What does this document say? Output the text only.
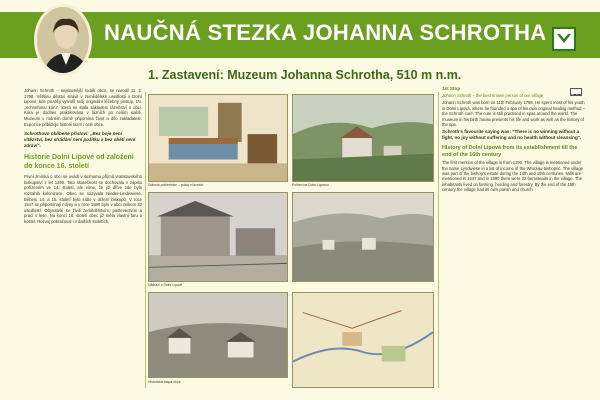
NAUČNÁ STEZKA JOHANNA SCHROTHA
1. Zastavení: Muzeum Johanna Schrotha, 510 m n.m.

Johann Schroth – nejslavnější rodák obce, se narodil 11. 2. 1798. Většinu dětství strávil v zemědělské usedlosti v Dolní Lipové, kde později vytvořil svůj originální léčebný postup, tzv. „Schrothovu kúru“, která se stala základem lázeňství v obci. Kúra je dodnes praktikována v lázních po celém světě. Muzeum v rodném domě připomíná život a dílo zakladatele. Expozice přibližuje historii lázní i celé obce.

Schrothovo oblíbené přísloví: „Bez boje není vítězství, bez strádání není požitku a bez oběti není zdraví“.

Historie Dolní Lipové od založení do konce 16. století

První zmínka o obci se uvádí v seznamu příjmů vratislavského biskupství z let 1290. Tato skutečnost se dochovala v zápisu pořízeném ve 14. století, ale víme, že již dříve zde byla rozsáhlá kolonizace. Obec se nazývala Nieder-Lindewiese. Během 14. a 15. století bylo sídlo v držení biskupů. V roce 1547 se připomínají mlýny a v roce 1580 bylo v obci celkem 32 usedlostí. Obyvatelé se živili zemědělstvím, pastevectvím a prací v lese. Na konci 16. století obec již měla vlastní faru a kostel. Rozvoj pokračoval i v dalších stoletích.

Dobová pohlednice – pokoj v lázních	Pohled na Dolní Lipovou
Nádraží v Dolní Lipové
Historická mapa obce
1st Stop
Johann Schroth – the best-known person of our village

Johann Schroth was born on 11th February 1798. He spent most of his youth in Dolní Lipová, where he founded a spa of his own original healing method – the Schroth cure. The cure is still practised in spas around the world. The museum in his birth house presents his life and work as well as the history of the spa.

Schroth's favourite saying was: "There is no winning without a fight, no joy without suffering and no health without cleansing".

History of Dolní Lipová from its establishment till the end of the 16th century

The first mention of the village is from 1290. The village is mentioned under the name Lyndwiese in a list of income of the Wrocław bishopric. The village was part of the bishop's estate during the 14th and 15th centuries. Mills are mentioned in 1547 and in 1580 there were 32 farmsteads in the village. The inhabitants lived on farming, herding and forestry. By the end of the 16th century the village had its own parish and church.
